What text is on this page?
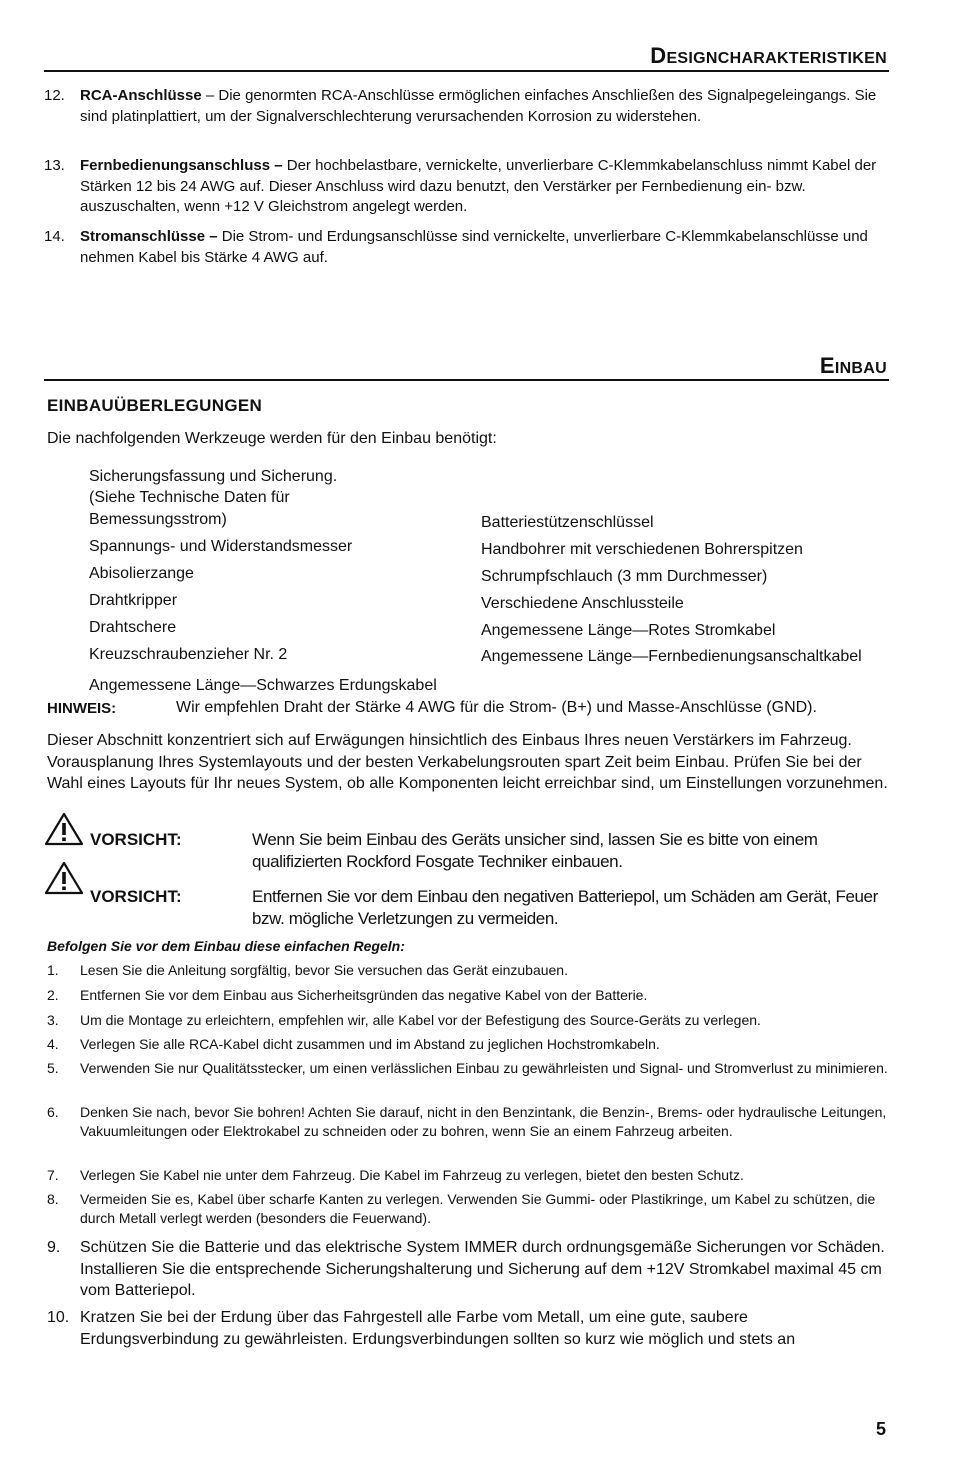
DESIGNCHARAKTERISTIKEN
12. RCA-Anschlüsse – Die genormten RCA-Anschlüsse ermöglichen einfaches Anschließen des Signalpegeleingangs. Sie sind platinplattiert, um der Signalverschlechterung verursachenden Korrosion zu widerstehen.
13. Fernbedienungsanschluss – Der hochbelastbare, vernickelte, unverlierbare C-Klemmkabelanschluss nimmt Kabel der Stärken 12 bis 24 AWG auf. Dieser Anschluss wird dazu benutzt, den Verstärker per Fernbedienung ein- bzw. auszuschalten, wenn +12 V Gleichstrom angelegt werden.
14. Stromanschlüsse – Die Strom- und Erdungsanschlüsse sind vernickelte, unverlierbare C-Klemmkabelanschlüsse und nehmen Kabel bis Stärke 4 AWG auf.
EINBAU
EINBAUÜBERLEGUNGEN
Die nachfolgenden Werkzeuge werden für den Einbau benötigt:
Sicherungsfassung und Sicherung.
(Siehe Technische Daten für
Bemessungsstrom)
Spannungs- und Widerstandsmesser
Abisolierzange
Drahtkripper
Drahtschere
Kreuzschraubenzieher Nr. 2
Angemessene Länge—Schwarzes Erdungskabel
Batteriestützenschlüssel
Handbohrer mit verschiedenen Bohrerspitzen
Schrumpfschlauch (3 mm Durchmesser)
Verschiedene Anschlussteile
Angemessene Länge—Rotes Stromkabel
Angemessene Länge—Fernbedienungsanschaltkabel
HINWEIS:	Wir empfehlen Draht der Stärke 4 AWG für die Strom- (B+) und Masse-Anschlüsse (GND).
Dieser Abschnitt konzentriert sich auf Erwägungen hinsichtlich des Einbaus Ihres neuen Verstärkers im Fahrzeug. Vorausplanung Ihres Systemlayouts und der besten Verkabelungsrouten spart Zeit beim Einbau. Prüfen Sie bei der Wahl eines Layouts für Ihr neues System, ob alle Komponenten leicht erreichbar sind, um Einstellungen vorzunehmen.
VORSICHT:	Wenn Sie beim Einbau des Geräts unsicher sind, lassen Sie es bitte von einem qualifizierten Rockford Fosgate Techniker einbauen.
VORSICHT:	Entfernen Sie vor dem Einbau den negativen Batteriepol, um Schäden am Gerät, Feuer bzw. mögliche Verletzungen zu vermeiden.
Befolgen Sie vor dem Einbau diese einfachen Regeln:
1. Lesen Sie die Anleitung sorgfältig, bevor Sie versuchen das Gerät einzubauen.
2. Entfernen Sie vor dem Einbau aus Sicherheitsgründen das negative Kabel von der Batterie.
3. Um die Montage zu erleichtern, empfehlen wir, alle Kabel vor der Befestigung des Source-Geräts zu verlegen.
4. Verlegen Sie alle RCA-Kabel dicht zusammen und im Abstand zu jeglichen Hochstromkabeln.
5. Verwenden Sie nur Qualitätsstecker, um einen verlässlichen Einbau zu gewährleisten und Signal- und Stromverlust zu minimieren.
6. Denken Sie nach, bevor Sie bohren! Achten Sie darauf, nicht in den Benzintank, die Benzin-, Brems- oder hydraulische Leitungen, Vakuumleitungen oder Elektrokabel zu schneiden oder zu bohren, wenn Sie an einem Fahrzeug arbeiten.
7. Verlegen Sie Kabel nie unter dem Fahrzeug. Die Kabel im Fahrzeug zu verlegen, bietet den besten Schutz.
8. Vermeiden Sie es, Kabel über scharfe Kanten zu verlegen. Verwenden Sie Gummi- oder Plastikringe, um Kabel zu schützen, die durch Metall verlegt werden (besonders die Feuerwand).
9. Schützen Sie die Batterie und das elektrische System IMMER durch ordnungsgemäße Sicherungen vor Schäden. Installieren Sie die entsprechende Sicherungshalterung und Sicherung auf dem +12V Stromkabel maximal 45 cm vom Batteriepol.
10. Kratzen Sie bei der Erdung über das Fahrgestell alle Farbe vom Metall, um eine gute, saubere Erdungsverbindung zu gewährleisten. Erdungsverbindungen sollten so kurz wie möglich und stets an
5
